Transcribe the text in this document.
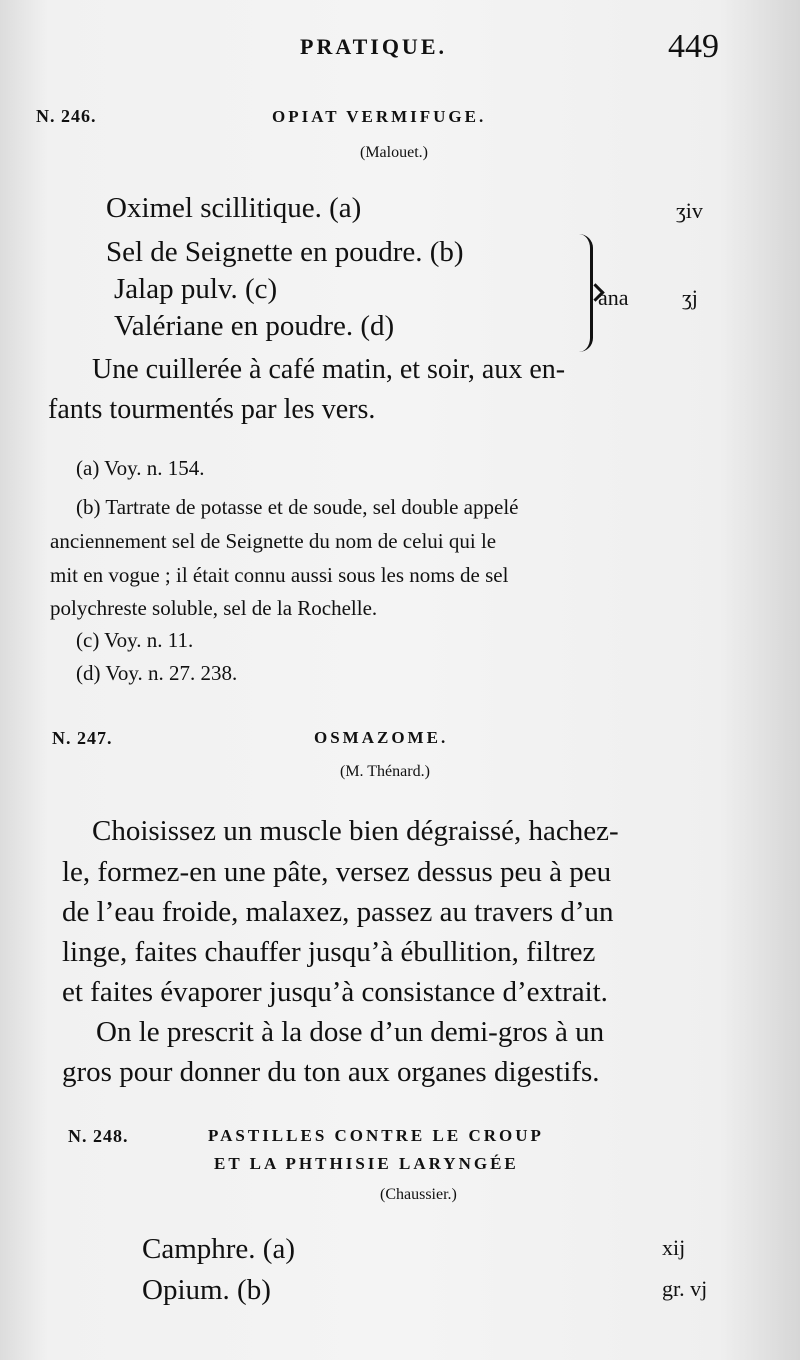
PRATIQUE.	449
N. 246.	OPIAT VERMIFUGE.
(Malouet.)
Oximel scillitique. (a)	ʒiv
Sel de Seignette en poudre. (b)
Jalap pulv. (c)
Valériane en poudre. (d)
ana ʒj
Une cuillerée à café matin, et soir, aux en-
fants tourmentés par les vers.
(a) Voy. n. 154.
(b) Tartrate de potasse et de soude, sel double appelé
anciennement sel de Seignette du nom de celui qui le
mit en vogue ; il était connu aussi sous les noms de sel
polychreste soluble, sel de la Rochelle.
(c) Voy. n. 11.
(d) Voy. n. 27. 238.
N. 247.	OSMAZOME.
(M. Thénard.)
Choisissez un muscle bien dégraissé, hachez-
le, formez-en une pâte, versez dessus peu à peu
de l’eau froide, malaxez, passez au travers d’un
linge, faites chauffer jusqu’à ébullition, filtrez
et faites évaporer jusqu’à consistance d’extrait.
On le prescrit à la dose d’un demi-gros à un
gros pour donner du ton aux organes digestifs.
N. 248.	PASTILLES CONTRE LE CROUP
ET LA PHTHISIE LARYNGÉE
(Chaussier.)
Camphre. (a)	xij
Opium. (b)	gr. vj
